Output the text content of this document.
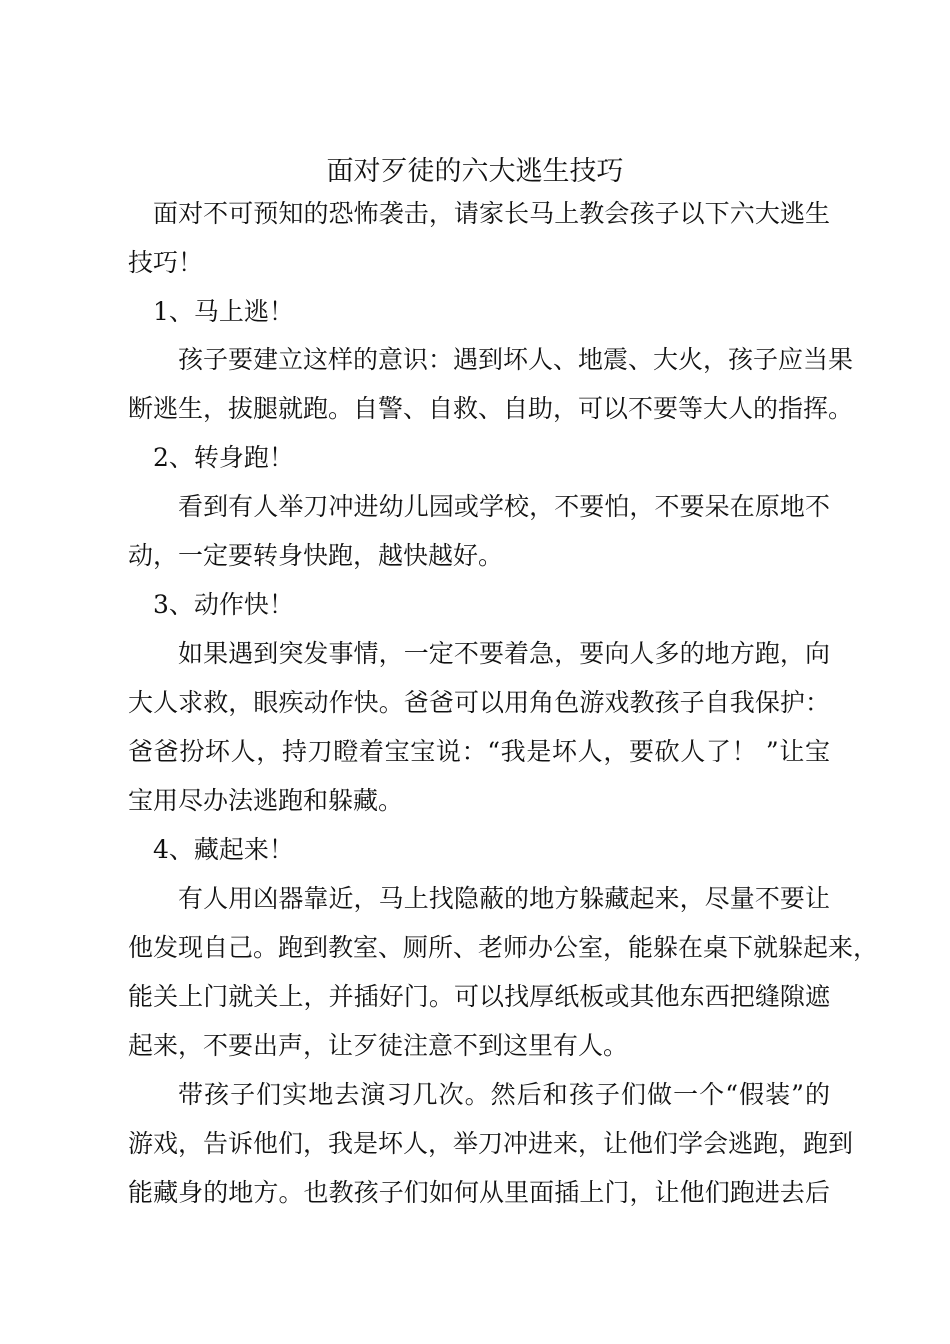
面对歹徒的六大逃生技巧
面对不可预知的恐怖袭击，请家长马上教会孩子以下六大逃生
技巧！
1、马上逃！
孩子要建立这样的意识：遇到坏人、地震、大火，孩子应当果
断逃生，拔腿就跑。自警、自救、自助，可以不要等大人的指挥。
2、转身跑！
看到有人举刀冲进幼儿园或学校，不要怕，不要呆在原地不
动，一定要转身快跑，越快越好。
3、动作快！
如果遇到突发事情，一定不要着急，要向人多的地方跑，向
大人求救，眼疾动作快。爸爸可以用角色游戏教孩子自我保护：
爸爸扮坏人，持刀瞪着宝宝说：“我是坏人，要砍人了！ ”让宝
宝用尽办法逃跑和躲藏。
4、藏起来！
有人用凶器靠近，马上找隐蔽的地方躲藏起来，尽量不要让
他发现自己。跑到教室、厕所、老师办公室，能躲在桌下就躲起来，
能关上门就关上，并插好门。可以找厚纸板或其他东西把缝隙遮
起来，不要出声，让歹徒注意不到这里有人。
带孩子们实地去演习几次。然后和孩子们做一个“假装”的
游戏，告诉他们，我是坏人，举刀冲进来，让他们学会逃跑，跑到
能藏身的地方。也教孩子们如何从里面插上门，让他们跑进去后
